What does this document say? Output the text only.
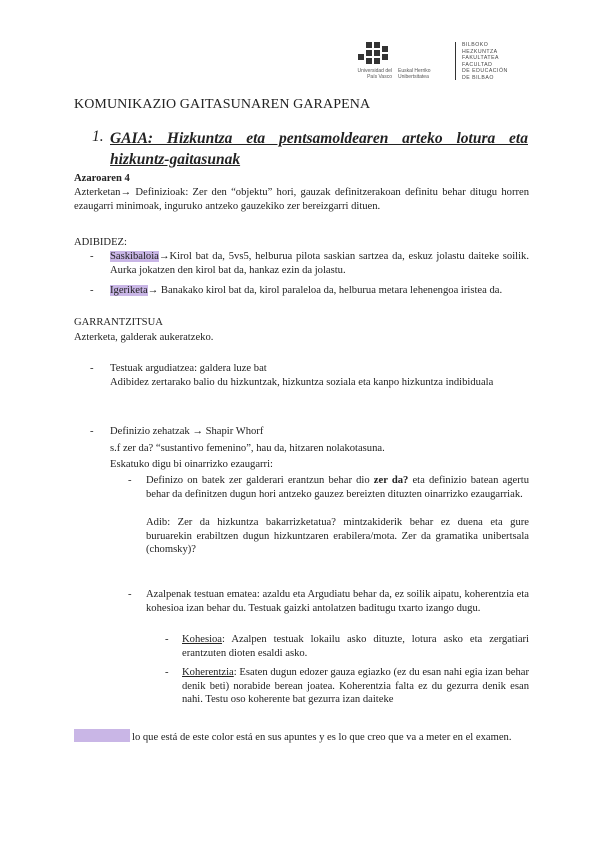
Universidad del País Vasco
Euskal Herriko Unibertsitatea
BILBOKO
HEZKUNTZA
FAKULTATEA
FACULTAD
DE EDUCACIÓN
DE BILBAO
KOMUNIKAZIO GAITASUNAREN GARAPENA
1. GAIA: Hizkuntza eta pentsamoldearen arteko lotura eta hizkuntz-gaitasunak
Azaroaren 4
Azterketan→ Definizioak: Zer den “objektu” hori, gauzak definitzerakoan definitu behar ditugu horren ezaugarri minimoak, inguruko antzeko gauzekiko zer bereizgarri dituen.
ADIBIDEZ:
- Saskibaloia→Kirol bat da, 5vs5, helburua pilota saskian sartzea da, eskuz jolastu daiteke soilik. Aurka jokatzen den kirol bat da, hankaz ezin da jolastu.
- Igeriketa→ Banakako kirol bat da, kirol paraleloa da, helburua metara lehenengoa iristea da.
GARRANTZITSUA
Azterketa, galderak aukeratzeko.
- Testuak argudiatzea: galdera luze bat
Adibidez zertarako balio du hizkuntzak, hizkuntza soziala eta kanpo hizkuntza indibiduala
- Definizio zehatzak → Shapir Whorf
s.f zer da? “sustantivo femenino”, hau da, hitzaren nolakotasuna.
Eskatuko digu bi oinarrizko ezaugarri:
- Definizo on batek zer galderari erantzun behar dio zer da? eta definizio batean agertu behar da definitzen dugun hori antzeko gauzez bereizten dituzten oinarrizko ezaugarriak.
Adib: Zer da hizkuntza bakarrizketatua? mintzakiderik behar ez duena eta gure buruarekin erabiltzen dugun hizkuntzaren erabilera/mota. Zer da gramatika unibertsala (chomsky)?
- Azalpenak testuan ematea: azaldu eta Argudiatu behar da, ez soilik aipatu, koherentzia eta kohesioa izan behar du. Testuak gaizki antolatzen baditugu txarto izango dugu.
- Kohesioa: Azalpen testuak lokailu asko dituzte, lotura asko eta zergatiari erantzuten dioten esaldi asko.
- Koherentzia: Esaten dugun edozer gauza egiazko (ez du esan nahi egia izan behar denik beti) norabide berean joatea. Koherentzia falta ez du gezurra denik esan nahi. Testu oso koherente bat gezurra izan daiteke
lo que está de este color está en sus apuntes y es lo que creo que va a meter en el examen.
